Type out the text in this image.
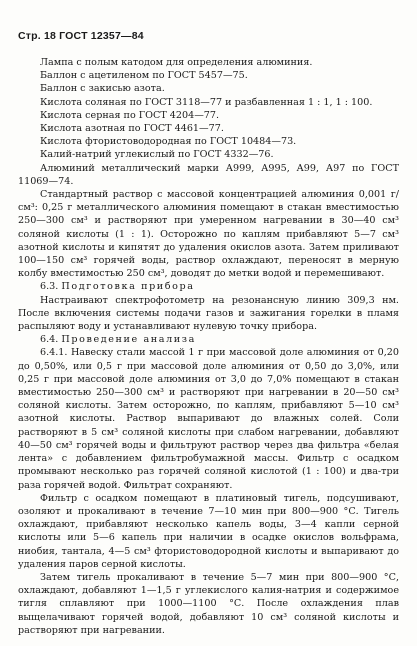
Стр. 18 ГОСТ 12357—84
Лампа с полым катодом для определения алюминия.
Баллон с ацетиленом по ГОСТ 5457—75.
Баллон с закисью азота.
Кислота соляная по ГОСТ 3118—77 и разбавленная 1 : 1, 1 : 100.
Кислота серная по ГОСТ 4204—77.
Кислота азотная по ГОСТ 4461—77.
Кислота фтористоводородная по ГОСТ 10484—73.
Калий-натрий углекислый по ГОСТ 4332—76.
Алюминий металлический марки А999, А995, А99, А97 по ГОСТ 11069—74.
Стандартный раствор с массовой концентрацией алюминия 0,001 г/см³: 0,25 г металлического алюминия помещают в стакан вместимостью 250—300 см³ и растворяют при умеренном нагревании в 30—40 см³ соляной кислоты (1 : 1). Осторожно по каплям прибавляют 5—7 см³ азотной кислоты и кипятят до удаления окислов азота. Затем приливают 100—150 см³ горячей воды, раствор охлаждают, переносят в мерную колбу вместимостью 250 см³, доводят до метки водой и перемешивают.
6.3. Подготовка прибора
Настраивают спектрофотометр на резонансную линию 309,3 нм. После включения системы подачи газов и зажигания горелки в пламя распыляют воду и устанавливают нулевую точку прибора.
6.4. Проведение анализа
6.4.1. Навеску стали массой 1 г при массовой доле алюминия от 0,20 до 0,50%, или 0,5 г при массовой доле алюминия от 0,50 до 3,0%, или 0,25 г при массовой доле алюминия от 3,0 до 7,0% помещают в стакан вместимостью 250—300 см³ и растворяют при нагревании в 20—50 см³ соляной кислоты. Затем осторожно, по каплям, прибавляют 5—10 см³ азотной кислоты. Раствор выпаривают до влажных солей. Соли растворяют в 5 см³ соляной кислоты при слабом нагревании, добавляют 40—50 см³ горячей воды и фильтруют раствор через два фильтра «белая лента» с добавлением фильтробумажной массы. Фильтр с осадком промывают несколько раз горячей соляной кислотой (1 : 100) и два-три раза горячей водой. Фильтрат сохраняют.
Фильтр с осадком помещают в платиновый тигель, подсушивают, озоляют и прокаливают в течение 7—10 мин при 800—900 °С. Тигель охлаждают, прибавляют несколько капель воды, 3—4 капли серной кислоты или 5—6 капель при наличии в осадке окислов вольфрама, ниобия, тантала, 4—5 см³ фтористоводородной кислоты и выпаривают до удаления паров серной кислоты.
Затем тигель прокаливают в течение 5—7 мин при 800—900 °С, охлаждают, добавляют 1—1,5 г углекислого калия-натрия и содержимое тигля сплавляют при 1000—1100 °С. После охлаждения плав выщелачивают горячей водой, добавляют 10 см³ соляной кислоты и растворяют при нагревании.
